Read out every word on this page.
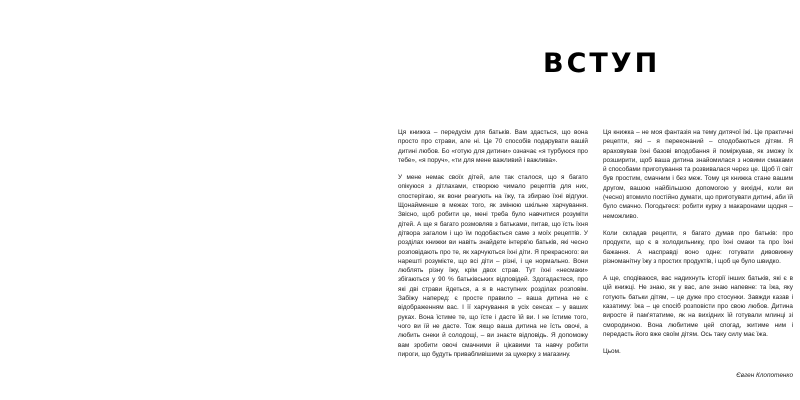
ВСТУП

Ця книжка – передусім для батьків. Вам здасться, що вона просто про страви, але ні. Це 70 способів подарувати вашій дитині любов. Бо «готую для дитини» означає «я турбуюся про тебе», «я поруч», «ти для мене важливий і важлива».

У мене немає своїх дітей, але так сталося, що я багато опікуюся з дітлахами, створюю чимало рецептів для них, спостерігаю, як вони реагують на їжу, та збираю їхні відгуки. Щонайменше в межах того, як змінюю шкільне харчування. Звісно, щоб робити це, мені треба було навчитися розуміти дітей. А ще я багато розмовляв з батьками, питав, що їсть їхня дітвора загалом і що їм подобається саме з моїх рецептів. У розділах книжки ви навіть знайдете інтерв'ю батьків, які чесно розповідають про те, як харчуються їхні діти. Я прекрасного: ви нарешті розумієте, що всі діти – різні, і це нормально. Вони люблять різну їжу, крім двох страв. Тут їхні «несмаки» збігаються у 90 % батьківських відповідей. Здогадаєтеся, про які дві страви йдеться, а я в наступних розділах розповім. Забіжу наперед: є просте правило – ваша дитина не є відображенням вас. І її харчування в усіх сенсах – у ваших руках. Вона їстиме те, що їсте і дасте їй ви. І не їстиме того, чого ви їй не дасте. Тож якщо ваша дитина не їсть овочі, а любить снеки й солодощі, – ви знаєте відповідь. Я допоможу вам зробити овочі смачними й цікавими та навчу робити пироги, що будуть привабливішими за цукерку з магазину.

Ця книжка – не моя фантазія на тему дитячої їжі. Це практичні рецепти, які – я переконаний – сподобаються дітям. Я враховував їхні базові вподобання й поміркував, як зможу їх розширити, щоб ваша дитина знайомилася з новими смаками й способами приготування та розвивалася через це. Щоб її світ був простим, смачним і без меж. Тому ця книжка стане вашим другом, вашою найбільшою допомогою у вихідні, коли ви (чесно) втомило постійно думати, що приготувати дитині, аби їй було смачно. Погодьтеся: робити курку з макаронами щодня – неможливо.

Коли складав рецепти, я багато думав про батьків: про продукти, що є в холодильнику, про їхні смаки та про їхні бажання. А насправді воно одне: готувати дивовижну різноманітну їжу з простих продуктів, і щоб це було швидко.

А ще, сподіваюся, вас надихнуть історії інших батьків, які є в цій книжці. Не знаю, як у вас, але знаю напевне: та їжа, яку готують батьки дітям, – це дуже про стосунки. Завжди казав і казатиму: їжа – це спосіб розповісти про свою любов. Дитина виросте й пам'ятатиме, як на вихідних їй готували млинці зі смородиною. Вона любитиме цей спогад, житиме ним і передасть його вже своїм дітям. Ось таку силу має їжа.

Цьом.

Євген Клопотенко
